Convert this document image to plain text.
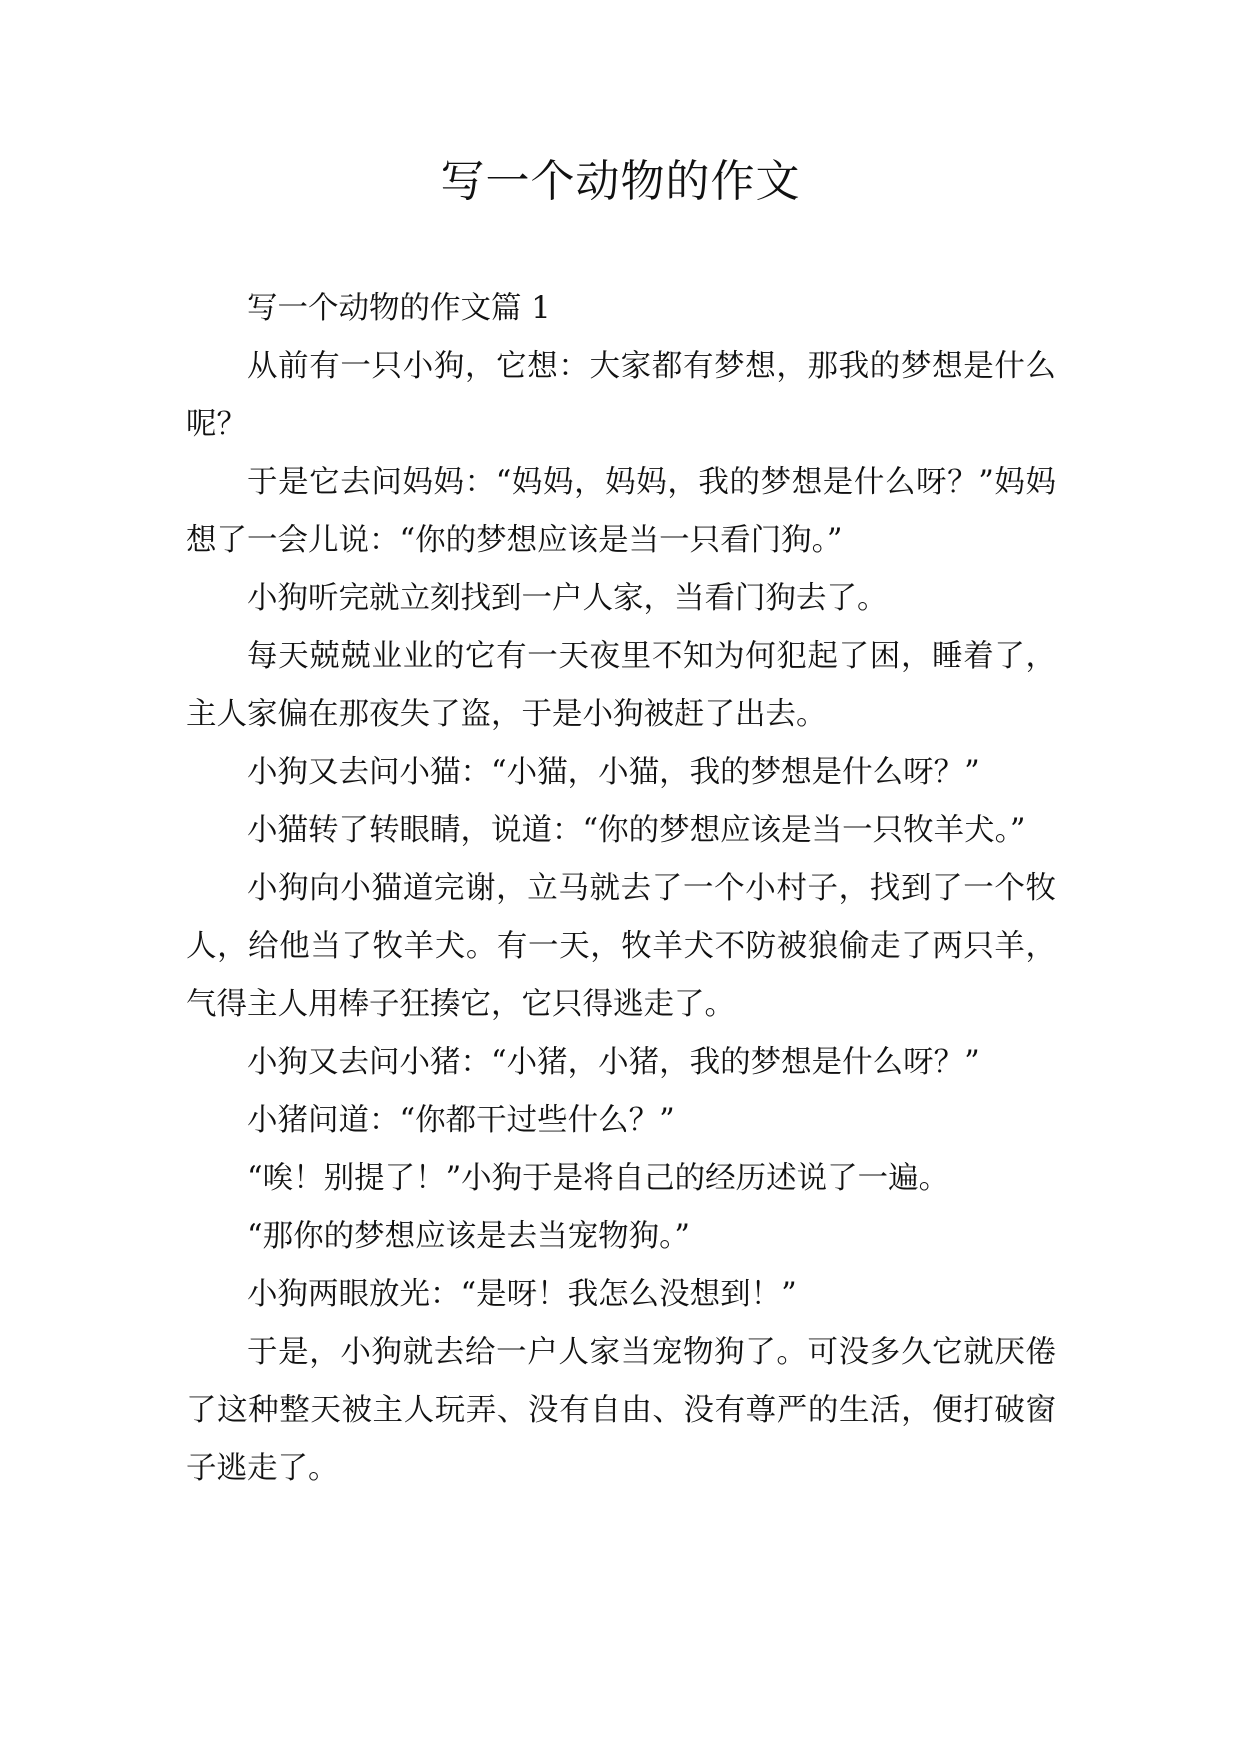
写一个动物的作文

写一个动物的作文篇 1

从前有一只小狗，它想：大家都有梦想，那我的梦想是什么呢？

于是它去问妈妈：“妈妈，妈妈，我的梦想是什么呀？”妈妈想了一会儿说：“你的梦想应该是当一只看门狗。”

小狗听完就立刻找到一户人家，当看门狗去了。

每天兢兢业业的它有一天夜里不知为何犯起了困，睡着了，主人家偏在那夜失了盗，于是小狗被赶了出去。

小狗又去问小猫：“小猫，小猫，我的梦想是什么呀？”

小猫转了转眼睛，说道：“你的梦想应该是当一只牧羊犬。”

小狗向小猫道完谢，立马就去了一个小村子，找到了一个牧人，给他当了牧羊犬。有一天，牧羊犬不防被狼偷走了两只羊，气得主人用棒子狂揍它，它只得逃走了。

小狗又去问小猪：“小猪，小猪，我的梦想是什么呀？”

小猪问道：“你都干过些什么？”

“唉！别提了！”小狗于是将自己的经历述说了一遍。

“那你的梦想应该是去当宠物狗。”

小狗两眼放光：“是呀！我怎么没想到！”

于是，小狗就去给一户人家当宠物狗了。可没多久它就厌倦了这种整天被主人玩弄、没有自由、没有尊严的生活，便打破窗子逃走了。
